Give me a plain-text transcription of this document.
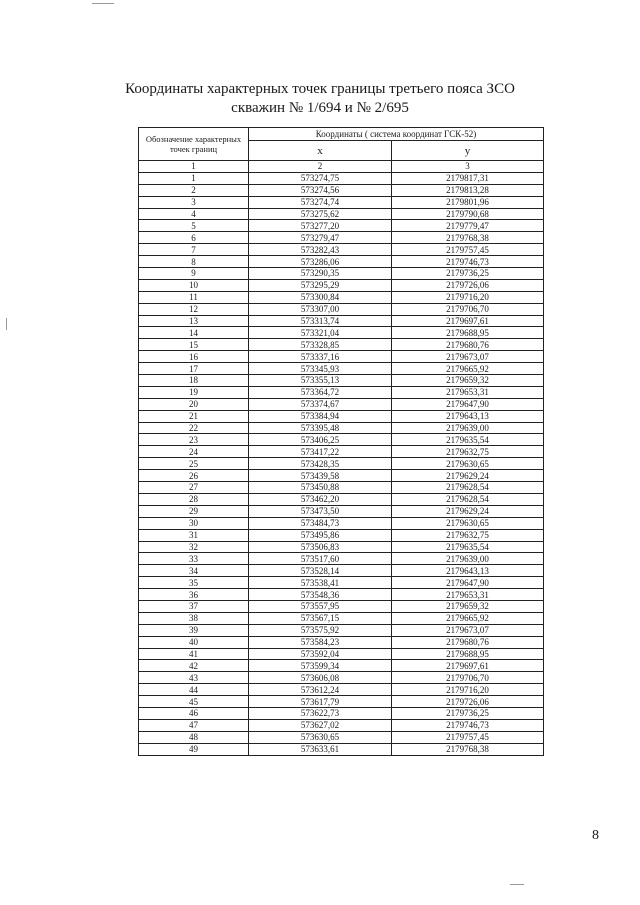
Координаты характерных точек границы третьего пояса ЗСО
скважин № 1/694 и № 2/695
Обозначение характерных точек границ	Координаты ( система координат ГСК-52)	
	x	y
1	2	3
1	573274,75	2179817,31
2	573274,56	2179813,28
3	573274,74	2179801,96
4	573275,62	2179790,68
5	573277,20	2179779,47
6	573279,47	2179768,38
7	573282,43	2179757,45
8	573286,06	2179746,73
9	573290,35	2179736,25
10	573295,29	2179726,06
11	573300,84	2179716,20
12	573307,00	2179706,70
13	573313,74	2179697,61
14	573321,04	2179688,95
15	573328,85	2179680,76
16	573337,16	2179673,07
17	573345,93	2179665,92
18	573355,13	2179659,32
19	573364,72	2179653,31
20	573374,67	2179647,90
21	573384,94	2179643,13
22	573395,48	2179639,00
23	573406,25	2179635,54
24	573417,22	2179632,75
25	573428,35	2179630,65
26	573439,58	2179629,24
27	573450,88	2179628,54
28	573462,20	2179628,54
29	573473,50	2179629,24
30	573484,73	2179630,65
31	573495,86	2179632,75
32	573506,83	2179635,54
33	573517,60	2179639,00
34	573528,14	2179643,13
35	573538,41	2179647,90
36	573548,36	2179653,31
37	573557,95	2179659,32
38	573567,15	2179665,92
39	573575,92	2179673,07
40	573584,23	2179680,76
41	573592,04	2179688,95
42	573599,34	2179697,61
43	573606,08	2179706,70
44	573612,24	2179716,20
45	573617,79	2179726,06
46	573622,73	2179736,25
47	573627,02	2179746,73
48	573630,65	2179757,45
49	573633,61	2179768,38
8
